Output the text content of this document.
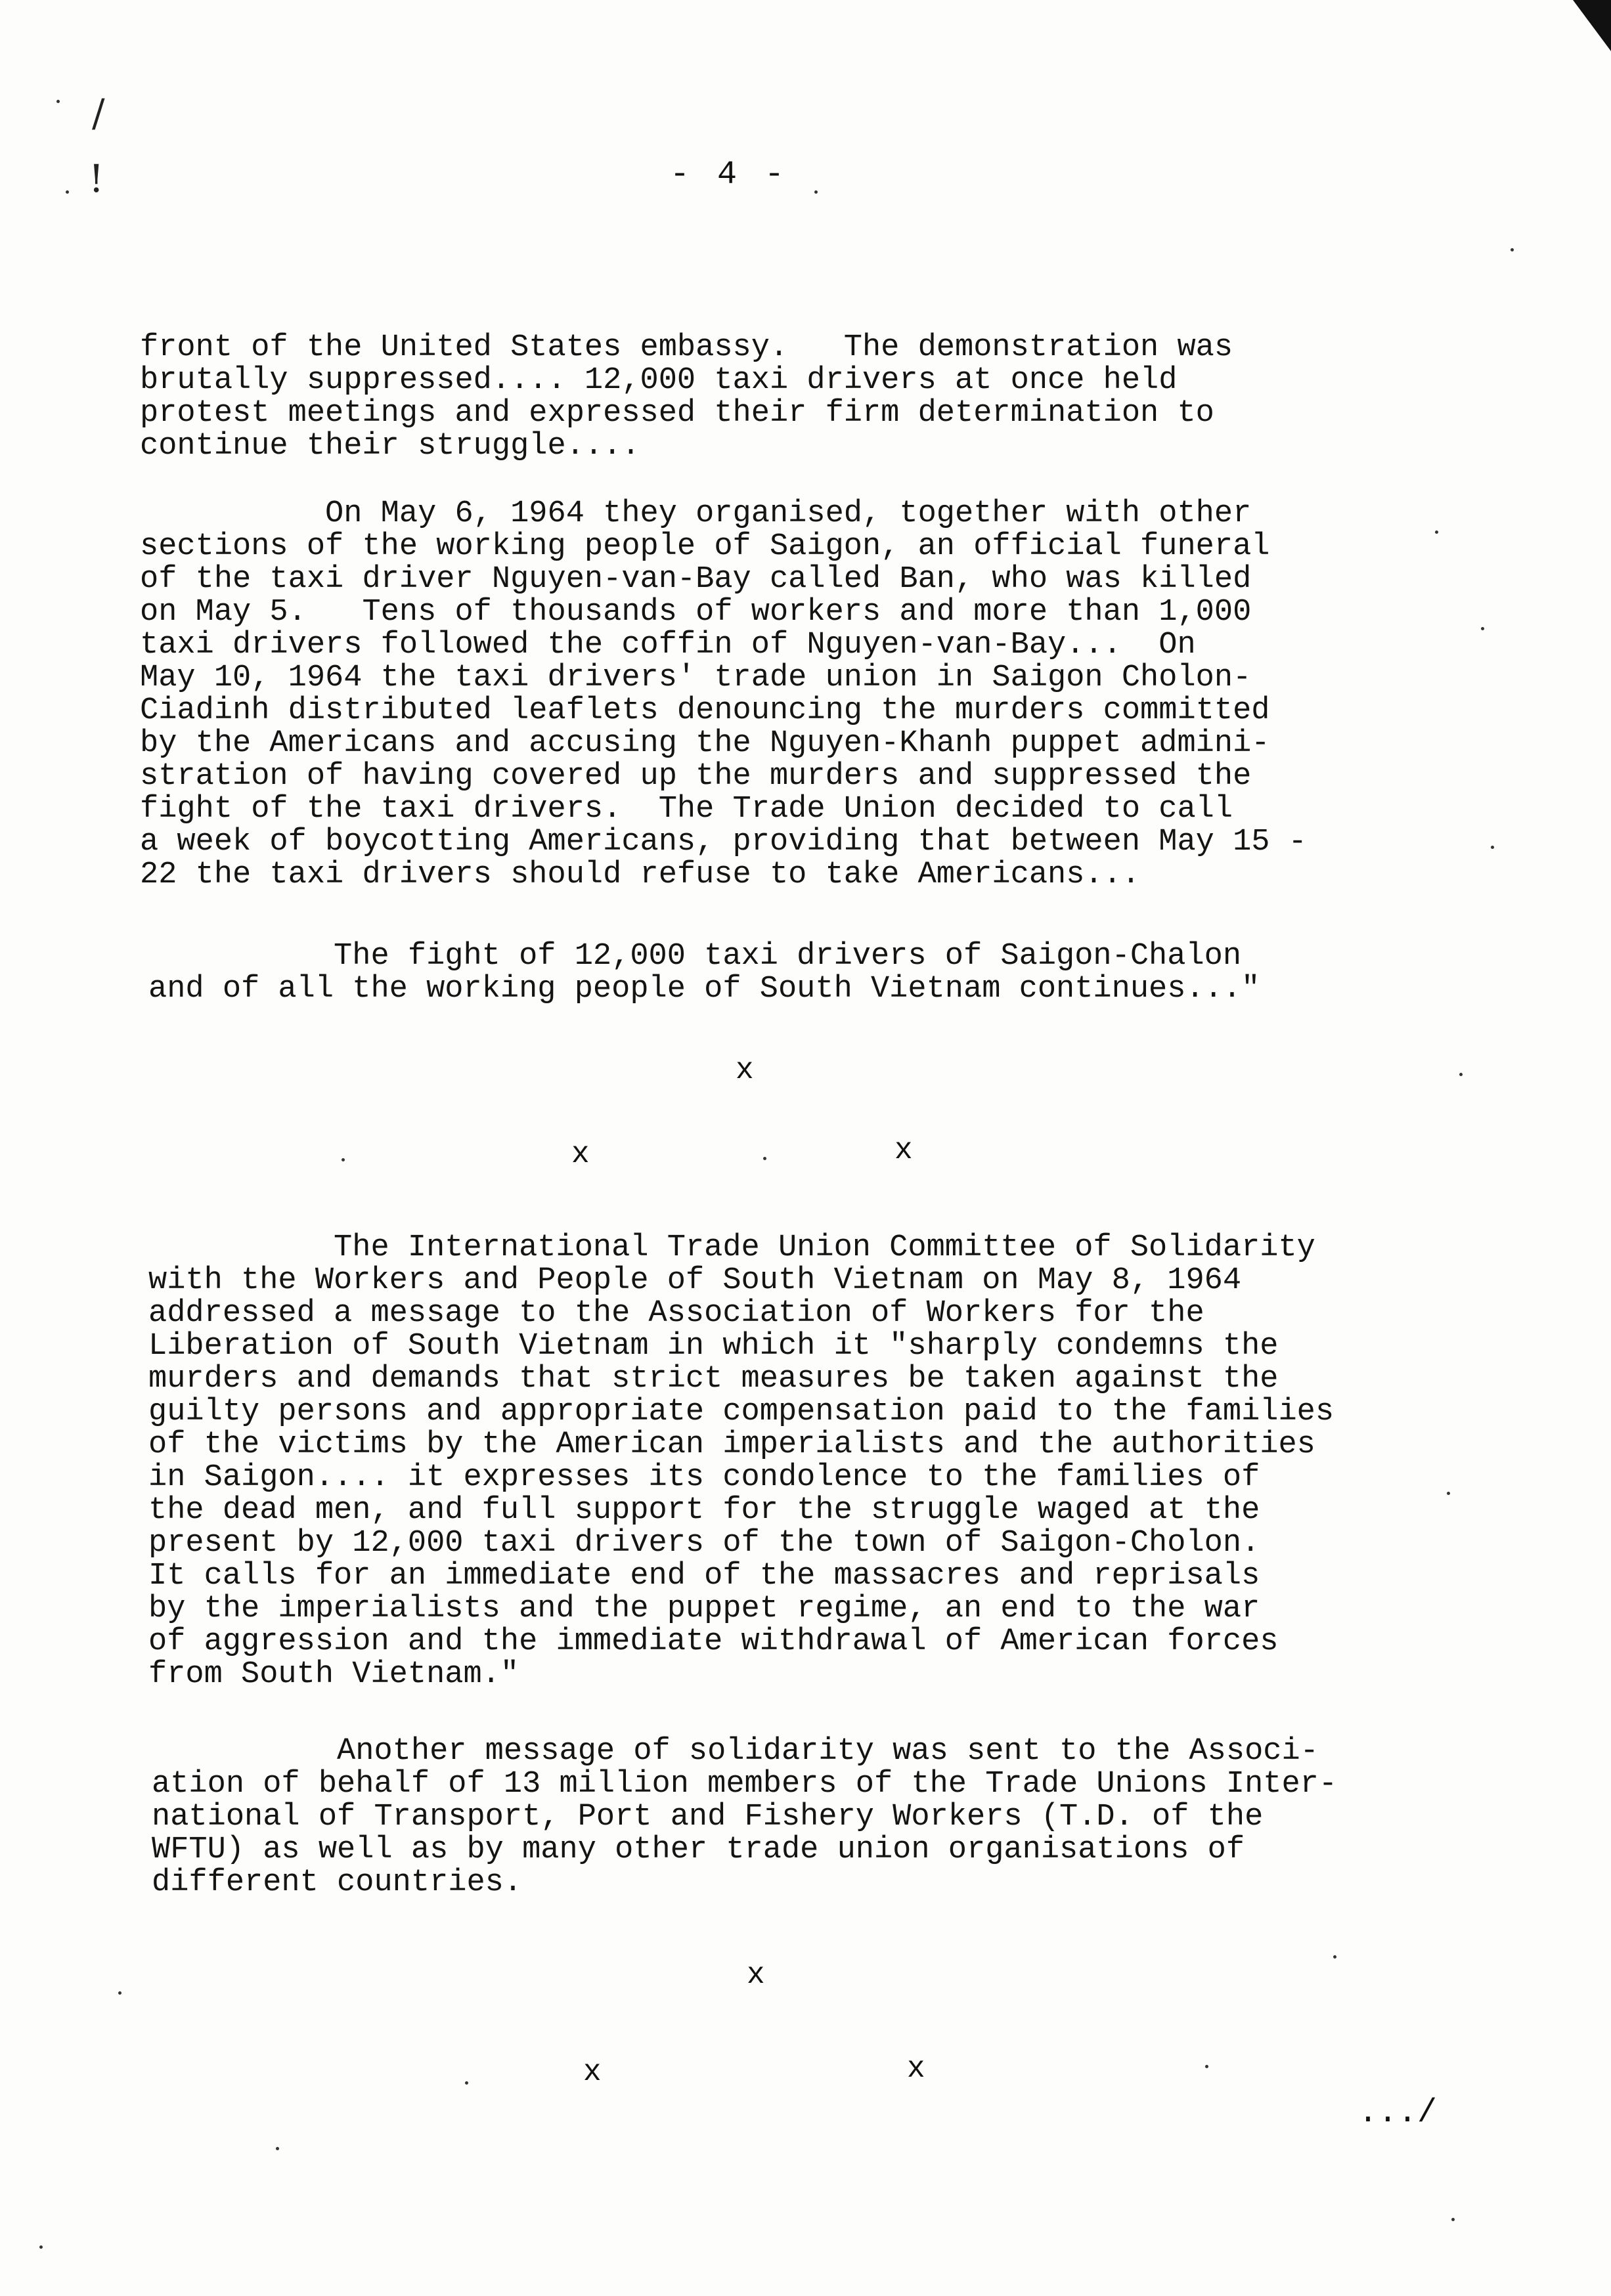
/
!	- 4 -

front of the United States embassy.   The demonstration was
brutally suppressed.... 12,000 taxi drivers at once held
protest meetings and expressed their firm determination to
continue their struggle....

On May 6, 1964 they organised, together with other
sections of the working people of Saigon, an official funeral
of the taxi driver Nguyen-van-Bay called Ban, who was killed
on May 5.   Tens of thousands of workers and more than 1,000
taxi drivers followed the coffin of Nguyen-van-Bay...  On
May 10, 1964 the taxi drivers' trade union in Saigon Cholon-
Ciadinh distributed leaflets denouncing the murders committed
by the Americans and accusing the Nguyen-Khanh puppet admini-
stration of having covered up the murders and suppressed the
fight of the taxi drivers.  The Trade Union decided to call
a week of boycotting Americans, providing that between May 15 -
22 the taxi drivers should refuse to take Americans...

The fight of 12,000 taxi drivers of Saigon-Chalon
and of all the working people of South Vietnam continues..."

x
x	x

The International Trade Union Committee of Solidarity
with the Workers and People of South Vietnam on May 8, 1964
addressed a message to the Association of Workers for the
Liberation of South Vietnam in which it "sharply condemns the
murders and demands that strict measures be taken against the
guilty persons and appropriate compensation paid to the families
of the victims by the American imperialists and the authorities
in Saigon.... it expresses its condolence to the families of
the dead men, and full support for the struggle waged at the
present by 12,000 taxi drivers of the town of Saigon-Cholon.
It calls for an immediate end of the massacres and reprisals
by the imperialists and the puppet regime, an end to the war
of aggression and the immediate withdrawal of American forces
from South Vietnam."

Another message of solidarity was sent to the Associ-
ation of behalf of 13 million members of the Trade Unions Inter-
national of Transport, Port and Fishery Workers (T.D. of the
WFTU) as well as by many other trade union organisations of
different countries.

x
x	x
.../
